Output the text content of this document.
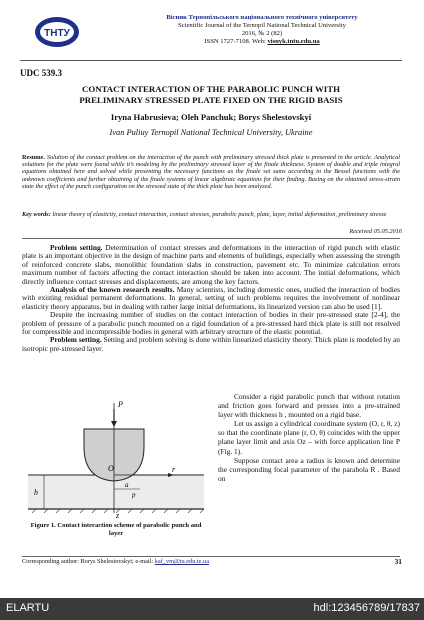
ТНТУ
Вісник Тернопільського національного технічного університету
Scientific Journal of the Ternopil National Technical University
2016, № 2 (82)
ISSN 1727-7108. Web: visnyk.tntu.edu.ua
UDC 539.3
CONTACT INTERACTION OF THE PARABOLIC PUNCH WITH
PRELIMINARY STRESSED PLATE FIXED ON THE RIGID BASIS
Iryna Habrusieva; Oleh Panchuk; Borys Shelestovskyi
Ivan Puliuy Ternopil National Technical University, Ukraine
Resume. Solution of the contact problem on the interaction of the punch with preliminary stressed thick plate is presented in the article. Analytical solutions for the plate were found while it’s modeling by the preliminary stressed layer of the finale thickness. System of double and triple integral equations obtained here and solved while presenting the necessary functions as the finale set sums according to the Bessel functions with the unknown coefficients and further obtaining of the finale systems of linear algebraic equations for their finding. Basing on the obtained stress-strain state the effect of the punch configuration on the stressed state of the thick plate has been analyzed.
Key words: linear theory of elasticity, contact interaction, contact stresses, parabolic punch, plate, layer, initial deformation, preliminary stresse
Received 05.05.2016

Problem setting. Determination of contact stresses and deformations in the interaction of rigid punch with elastic plate is an important objective in the design of machine parts and elements of buildings, especially when assessing the strength of reinforced concrete slabs, monolithic foundation slabs in construction, pavement etc. To minimize calculation errors maximum number of factors affecting the contact interaction should be taken into account. The initial deformations, which directly influence contact stresses and displacements, are among the key factors.

Analysis of the known research results. Many scientists, including domestic ones, studied the interaction of bodies with existing residual permanent deformations. In general, setting of such problems requires the involvement of nonlinear elasticity theory apparatus, but in dealing with rather large initial deformations, its linearized version can also be used [1].

Despite the increasing number of studies on the contact interaction of bodies in their pre-stressed state [2-4], the problem of pressure of a parabolic punch mounted on a rigid foundation of a pre-stressed hard thick plate is still not resolved for compressible and incompressible bodies in general with arbitrary structure of the elastic potential.

Problem setting. Setting and problem solving is done within linearized elasticity theory. Thick plate is modeled by an isotropic pre-stressed layer.

h
P
O	r
z
a
p
Figure 1. Contact interaction scheme of parabolic punch and layer

Consider a rigid parabolic punch that without rotation and friction goes forward and presses into a pre-strained layer with thickness h , mounted on a rigid base.

Let us assign a cylindrical coordinate system (O, r, θ, z) so that the coordinate plane (r, O, θ) coincides with the upper plane layer limit and axis Oz – with force application line P (Fig. 1).

Suppose contact area a radius is known and determine the corresponding focal parameter of the parabola R . Based on

Corresponding author: Borys Shelestovskyi; e-mail: kaf_vm@tu.edu.te.ua	31
ELARTU	hdl:123456789/17837
